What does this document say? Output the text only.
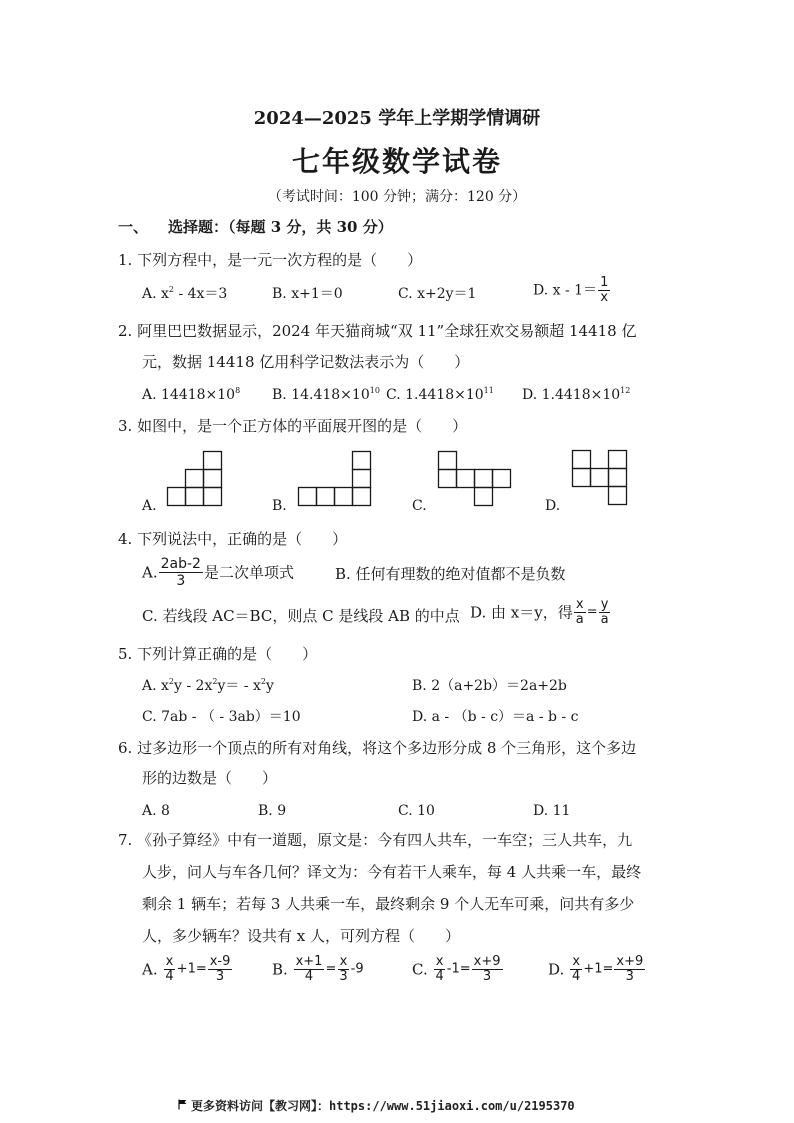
2024—2025 学年上学期学情调研
七年级数学试卷
（考试时间：100 分钟；满分：120 分）
一、 选择题：（每题 3 分，共 30 分）
1. 下列方程中，是一元一次方程的是（　　）
A. $x^2 - 4x=3$	B. x+1＝0	C. x+2y＝1	D. $x - 1= \frac{1}{x}$
2. 阿里巴巴数据显示，2024 年天猫商城“双 11”全球狂欢交易额超 14418 亿
元，数据 14418 亿用科学记数法表示为（　　）
A. $14418\times 10^8$ B. $14.418\times 10^{10}$ C. $1.4418\times 10^{11}$ D. $1.4418\times 10^{12}$
3. 如图中，是一个正方体的平面展开图的是（　　）
A.	B.	C.	D.
4. 下列说法中，正确的是（　　）
A. $\frac{2ab-2}{3}$ 是二次单项式	B. 任何有理数的绝对值都不是负数
C. 若线段 AC＝BC，则点 C 是线段 AB 的中点 D. 由 x＝y，得 $\frac{x}{a} = \frac{y}{a}$
5. 下列计算正确的是（　　）
A. $x^2y - 2x^2y= - x^2y$	B. 2（a+2b）＝2a+2b
C. 7ab - （ - 3ab）＝10	D. a - （b - c）＝a - b - c
6. 过多边形一个顶点的所有对角线，将这个多边形分成 8 个三角形，这个多边
形的边数是（　　）
A. 8	B. 9	C. 10	D. 11
7. 《孙子算经》中有一道题，原文是：今有四人共车，一车空；三人共车，九
人步，问人与车各几何？译文为：今有若干人乘车，每 4 人共乘一车，最终
剩余 1 辆车；若每 3 人共乘一车，最终剩余 9 个人无车可乘，问共有多少
人，多少辆车？设共有 x 人，可列方程（　　）
A. $\frac{x}{4} +1= \frac{x-9}{3}$	B. $\frac{x+1}{4} = \frac{x}{3} -9$	C. $\frac{x}{4} -1= \frac{x+9}{3}$	D. $\frac{x}{4} +1= \frac{x+9}{3}$
更多资料访问【教习网】：https://www.51jiaoxi.com/u/2195370
